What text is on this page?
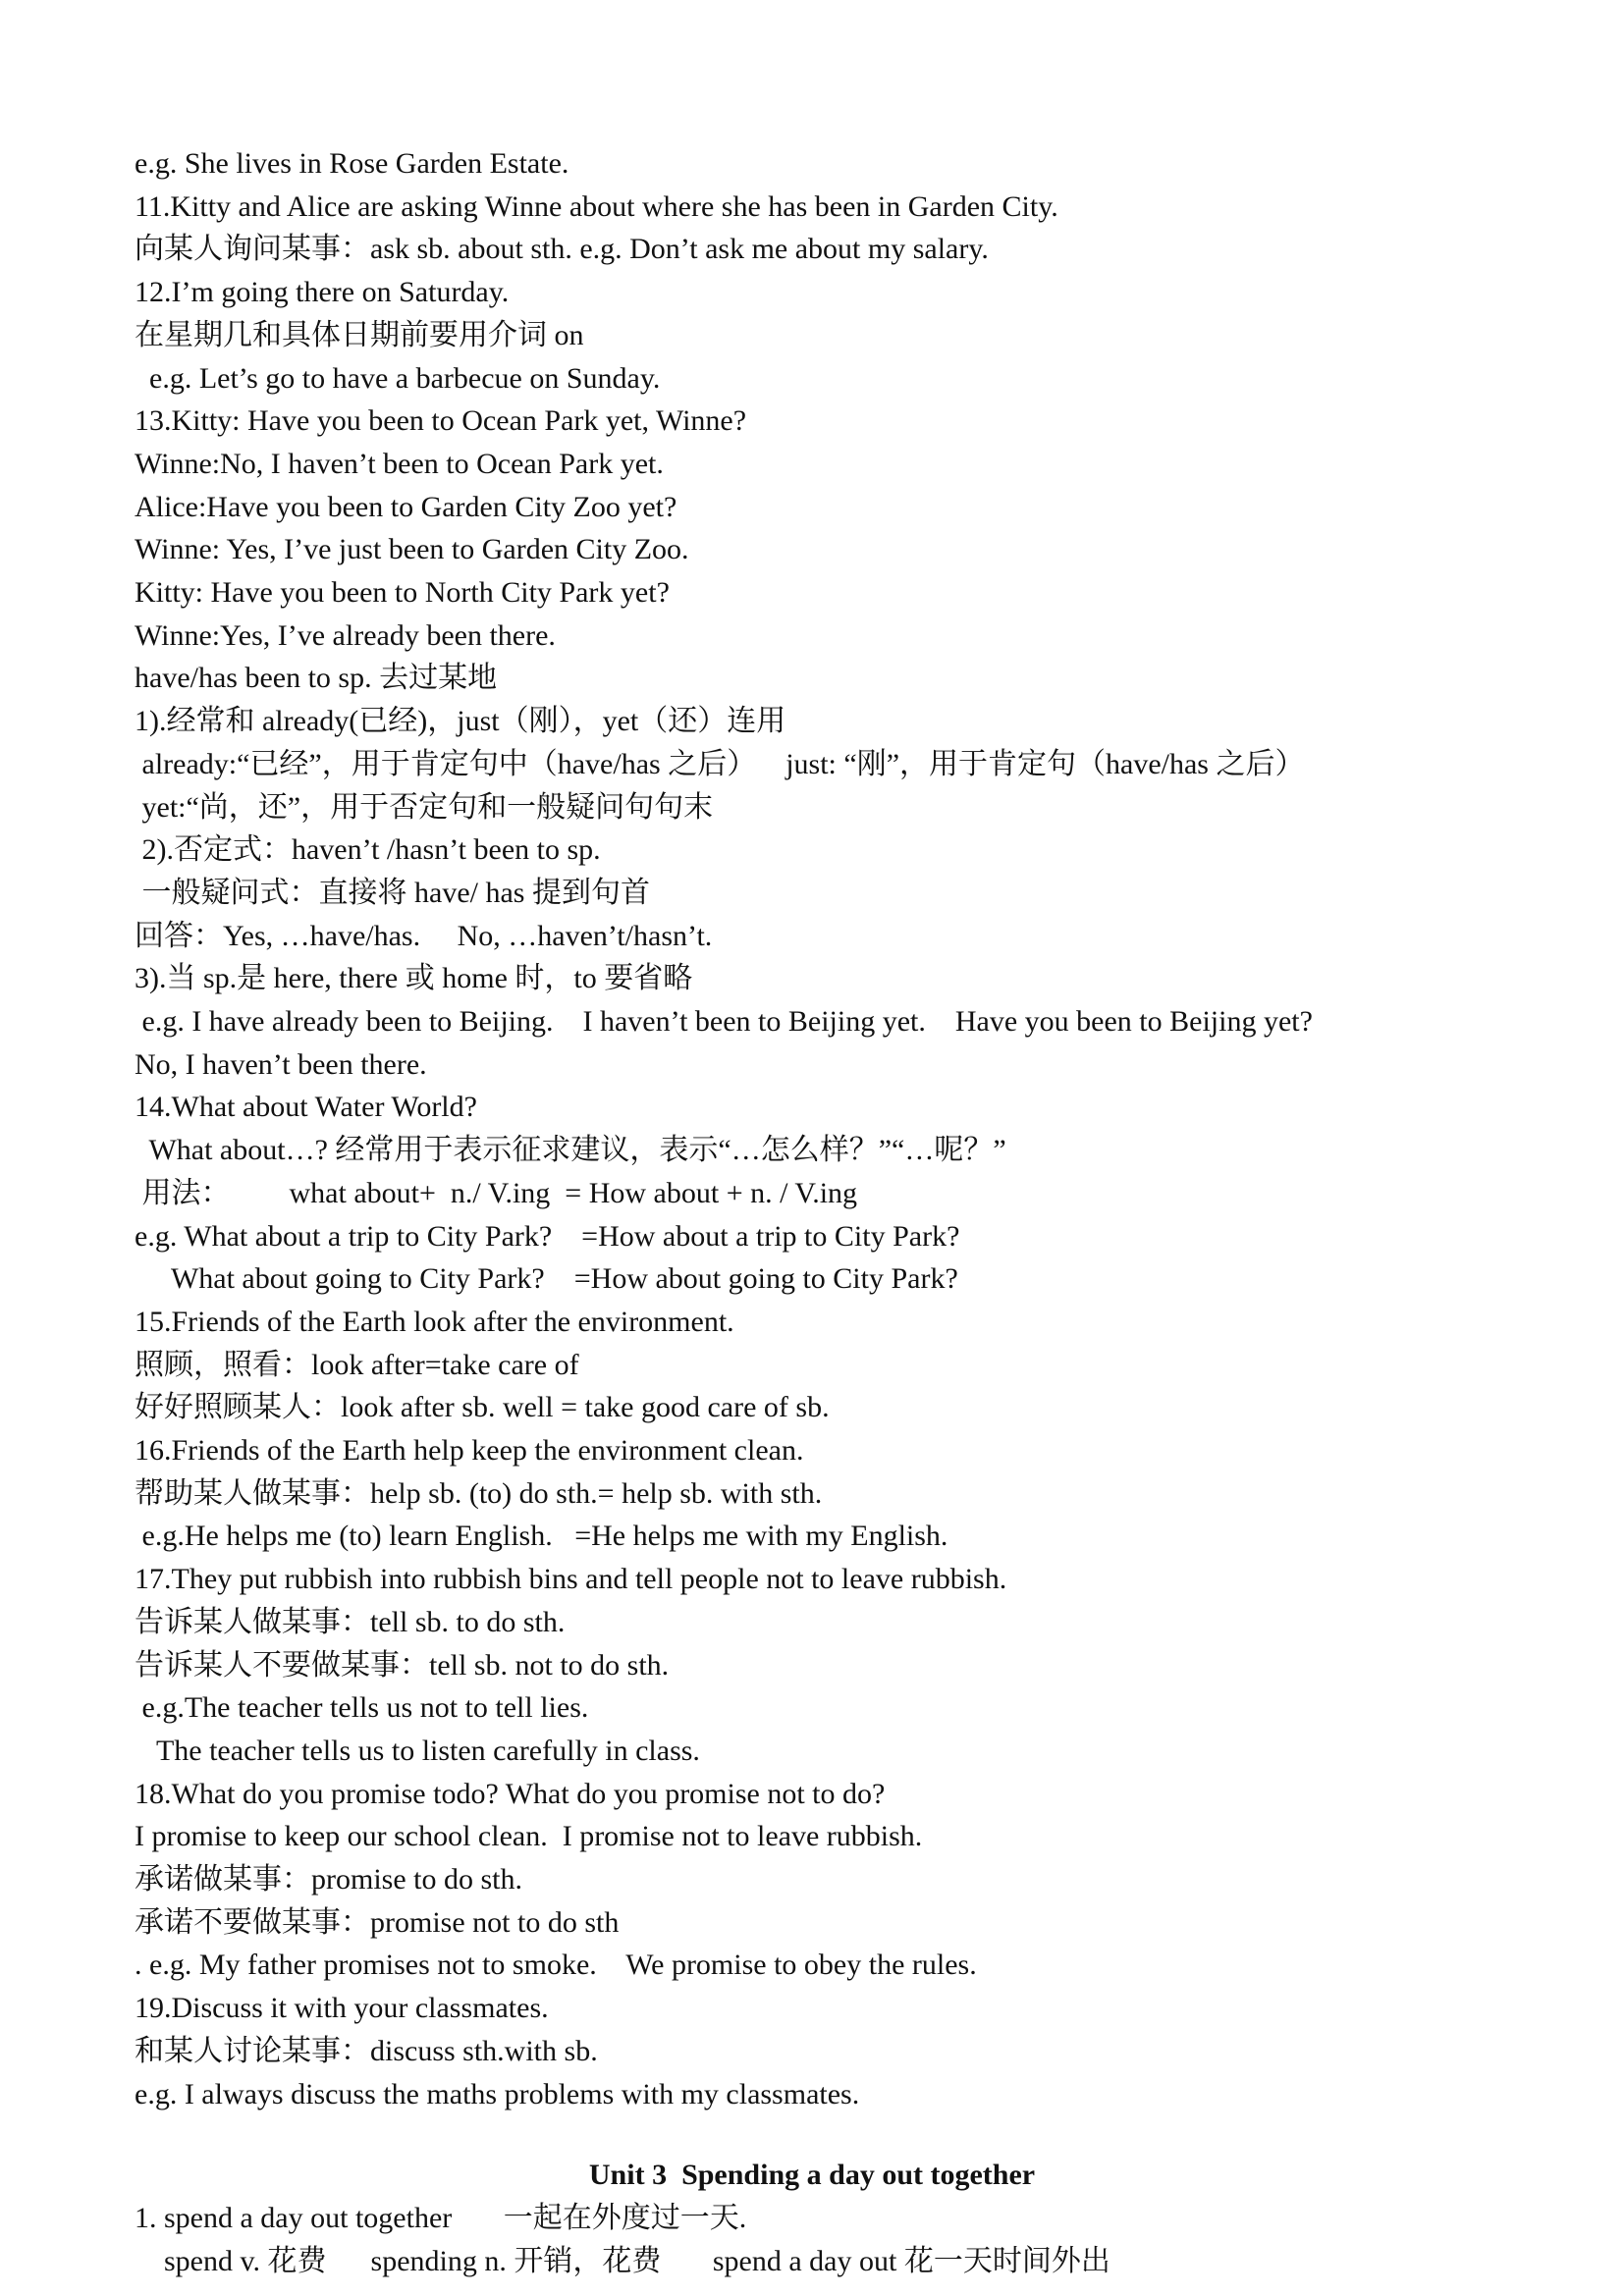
e.g. She lives in Rose Garden Estate.
11.Kitty and Alice are asking Winne about where she has been in Garden City.
向某人询问某事：ask sb. about sth. e.g. Don’t ask me about my salary.
12.I’m going there on Saturday.
在星期几和具体日期前要用介词 on
e.g. Let’s go to have a barbecue on Sunday.
13.Kitty: Have you been to Ocean Park yet, Winne?
Winne:No, I haven’t been to Ocean Park yet.
Alice:Have you been to Garden City Zoo yet?
Winne: Yes, I’ve just been to Garden City Zoo.
Kitty: Have you been to North City Park yet?
Winne:Yes, I’ve already been there.
have/has been to sp. 去过某地
1).经常和 already(已经)，just（刚），yet（还）连用
already:“已经”，用于肯定句中（have/has 之后）    just: “刚”，用于肯定句（have/has 之后）
yet:“尚，还”，用于否定句和一般疑问句句末
2).否定式：haven’t /hasn’t been to sp.
一般疑问式：直接将 have/ has 提到句首
回答：Yes, …have/has.     No, …haven’t/hasn’t.
3).当 sp.是 here, there 或 home 时，to 要省略
e.g. I have already been to Beijing.    I haven’t been to Beijing yet.    Have you been to Beijing yet?
No, I haven’t been there.
14.What about Water World?
What about…? 经常用于表示征求建议，表示“…怎么样？”“…呢？”
用法：        what about+  n./ V.ing  = How about + n. / V.ing
e.g. What about a trip to City Park?    =How about a trip to City Park?
What about going to City Park?    =How about going to City Park?
15.Friends of the Earth look after the environment.
照顾，照看：look after=take care of
好好照顾某人：look after sb. well = take good care of sb.
16.Friends of the Earth help keep the environment clean.
帮助某人做某事：help sb. (to) do sth.= help sb. with sth.
e.g.He helps me (to) learn English.   =He helps me with my English.
17.They put rubbish into rubbish bins and tell people not to leave rubbish.
告诉某人做某事：tell sb. to do sth.
告诉某人不要做某事：tell sb. not to do sth.
e.g.The teacher tells us not to tell lies.
The teacher tells us to listen carefully in class.
18.What do you promise todo? What do you promise not to do?
I promise to keep our school clean.  I promise not to leave rubbish.
承诺做某事：promise to do sth.
承诺不要做某事：promise not to do sth
. e.g. My father promises not to smoke.    We promise to obey the rules.
19.Discuss it with your classmates.
和某人讨论某事：discuss sth.with sb.
e.g. I always discuss the maths problems with my classmates.
Unit 3  Spending a day out together
1. spend a day out together       一起在外度过一天.
spend v. 花费      spending n. 开销，花费       spend a day out 花一天时间外出
